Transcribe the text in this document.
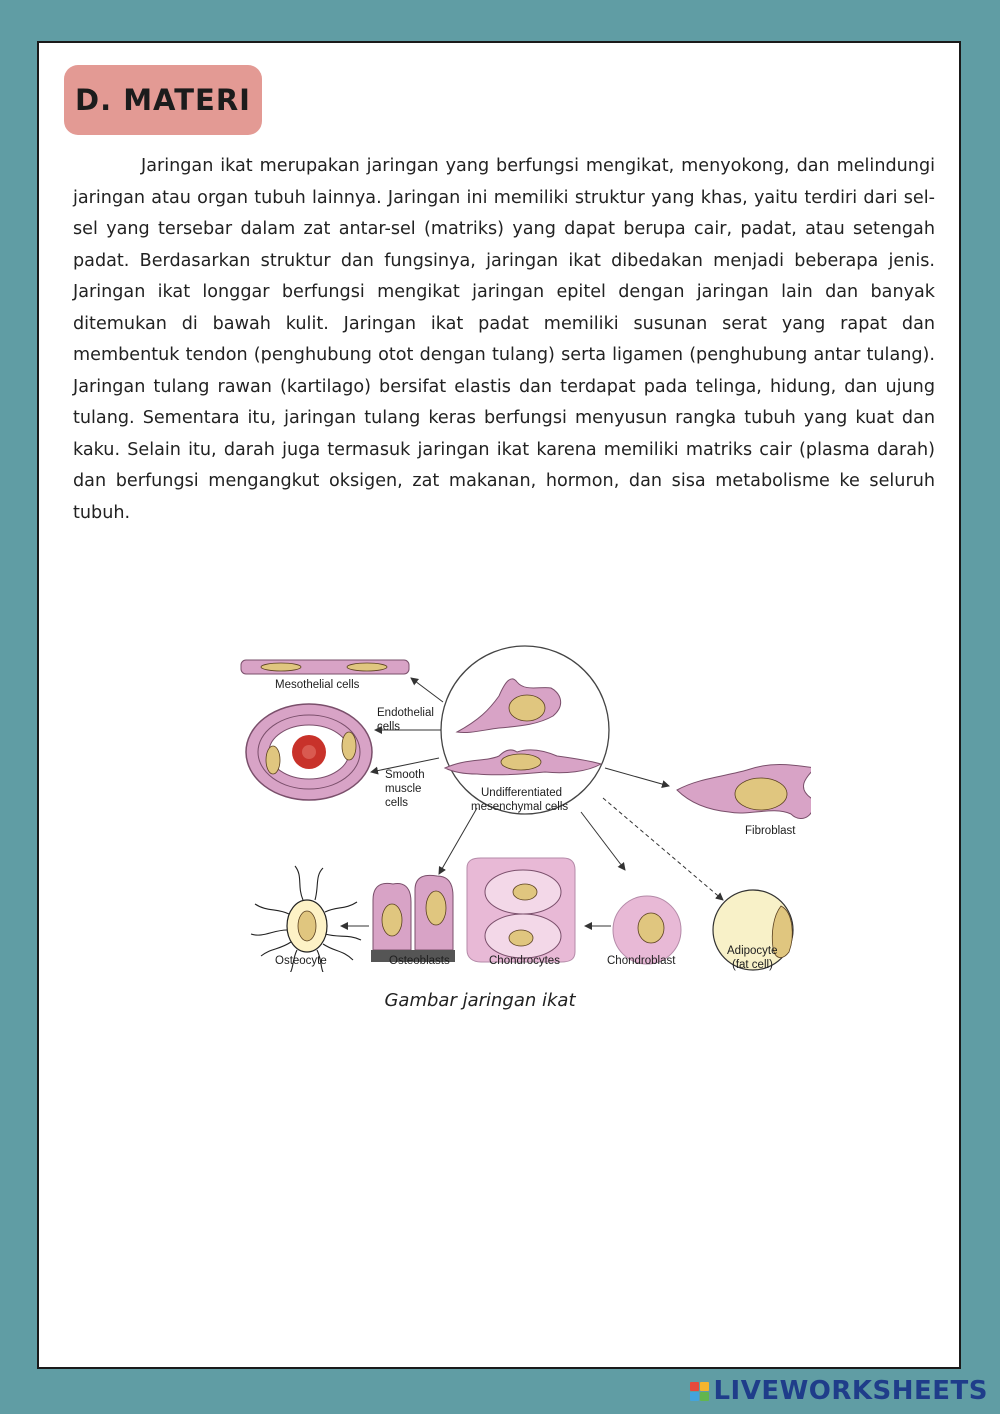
D. MATERI

Jaringan ikat merupakan jaringan yang berfungsi mengikat, menyokong, dan melindungi jaringan atau organ tubuh lainnya. Jaringan ini memiliki struktur yang khas, yaitu terdiri dari sel-sel yang tersebar dalam zat antar-sel (matriks) yang dapat berupa cair, padat, atau setengah padat. Berdasarkan struktur dan fungsinya, jaringan ikat dibedakan menjadi beberapa jenis. Jaringan ikat longgar berfungsi mengikat jaringan epitel dengan jaringan lain dan banyak ditemukan di bawah kulit. Jaringan ikat padat memiliki susunan serat yang rapat dan membentuk tendon (penghubung otot dengan tulang) serta ligamen (penghubung antar tulang). Jaringan tulang rawan (kartilago) bersifat elastis dan terdapat pada telinga, hidung, dan ujung tulang. Sementara itu, jaringan tulang keras berfungsi menyusun rangka tubuh yang kuat dan kaku. Selain itu, darah juga termasuk jaringan ikat karena memiliki matriks cair (plasma darah) dan berfungsi mengangkut oksigen, zat makanan, hormon, dan sisa metabolisme ke seluruh tubuh.

Mesothelial cells
Endothelial
cells
Smooth
muscle
cells
Undifferentiated
mesenchymal cells
Fibroblast
Osteocyte	Osteoblasts	Chondrocytes	Chondroblast
Adipocyte
(fat cell)
Gambar jaringan ikat
LIVEWORKSHEETS
